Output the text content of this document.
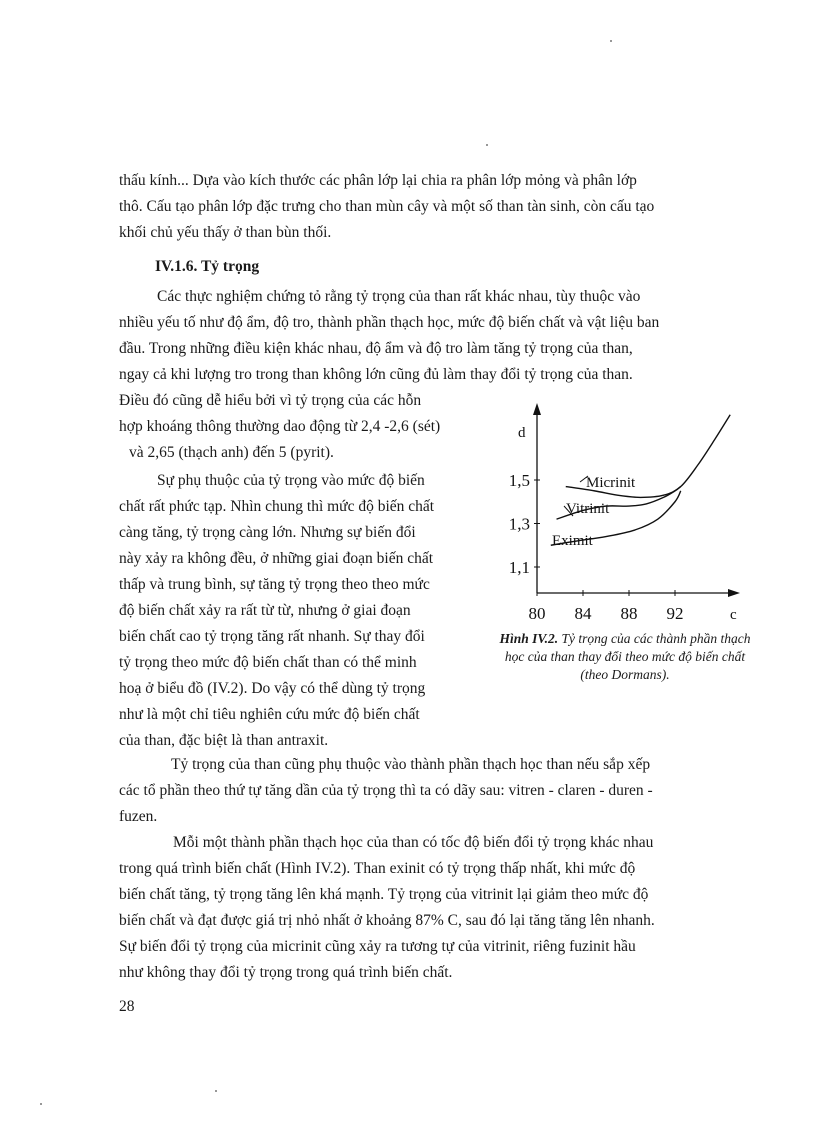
thấu kính... Dựa vào kích thước các phân lớp lại chia ra phân lớp mỏng và phân lớp
thô. Cấu tạo phân lớp đặc trưng cho than mùn cây và một số than tàn sinh, còn cấu tạo
khối chủ yếu thấy ở than bùn thối.
IV.1.6. Tỷ trọng
Các thực nghiệm chứng tỏ rằng tỷ trọng của than rất khác nhau, tùy thuộc vào
nhiều yếu tố như độ ẩm, độ tro, thành phần thạch học, mức độ biến chất và vật liệu ban
đầu. Trong những điều kiện khác nhau, độ ẩm và độ tro làm tăng tỷ trọng của than,
ngay cả khi lượng tro trong than không lớn cũng đủ làm thay đổi tỷ trọng của than.
Điều đó cũng dễ hiểu bởi vì tỷ trọng của các hỗn
hợp khoáng thông thường dao động từ 2,4 -2,6 (sét)
và 2,65 (thạch anh) đến 5 (pyrit).
Sự phụ thuộc của tỷ trọng vào mức độ biến
chất rất phức tạp. Nhìn chung thì mức độ biến chất
càng tăng, tỷ trọng càng lớn. Nhưng sự biến đổi
này xảy ra không đều, ở những giai đoạn biến chất
thấp và trung bình, sự tăng tỷ trọng theo theo mức
độ biến chất xảy ra rất từ từ, nhưng ở giai đoạn
biến chất cao tỷ trọng tăng rất nhanh. Sự thay đổi
tỷ trọng theo mức độ biến chất than có thể minh
hoạ ở biểu đồ (IV.2). Do vậy có thể dùng tỷ trọng
như là một chỉ tiêu nghiên cứu mức độ biến chất
của than, đặc biệt là than antraxit.
d
c
80 84 88 92
1,1
1,3
1,5	Micrinit
Vitrinit
Eximit
Hình IV.2. Tỷ trọng của các thành phần thạch học của than thay đổi theo mức độ biến chất (theo Dormans).
Tỷ trọng của than cũng phụ thuộc vào thành phần thạch học than nếu sắp xếp
các tổ phần theo thứ tự tăng dần của tỷ trọng thì ta có dãy sau: vitren - claren - duren -
fuzen.
Mỗi một thành phần thạch học của than có tốc độ biến đổi tỷ trọng khác nhau
trong quá trình biến chất (Hình IV.2). Than exinit có tỷ trọng thấp nhất, khi mức độ
biến chất tăng, tỷ trọng tăng lên khá mạnh. Tỷ trọng của vitrinit lại giảm theo mức độ
biến chất và đạt được giá trị nhỏ nhất ở khoảng 87% C, sau đó lại tăng tăng lên nhanh.
Sự biến đổi tỷ trọng của micrinit cũng xảy ra tương tự của vitrinit, riêng fuzinit hầu
như không thay đổi tỷ trọng trong quá trình biến chất.
28
